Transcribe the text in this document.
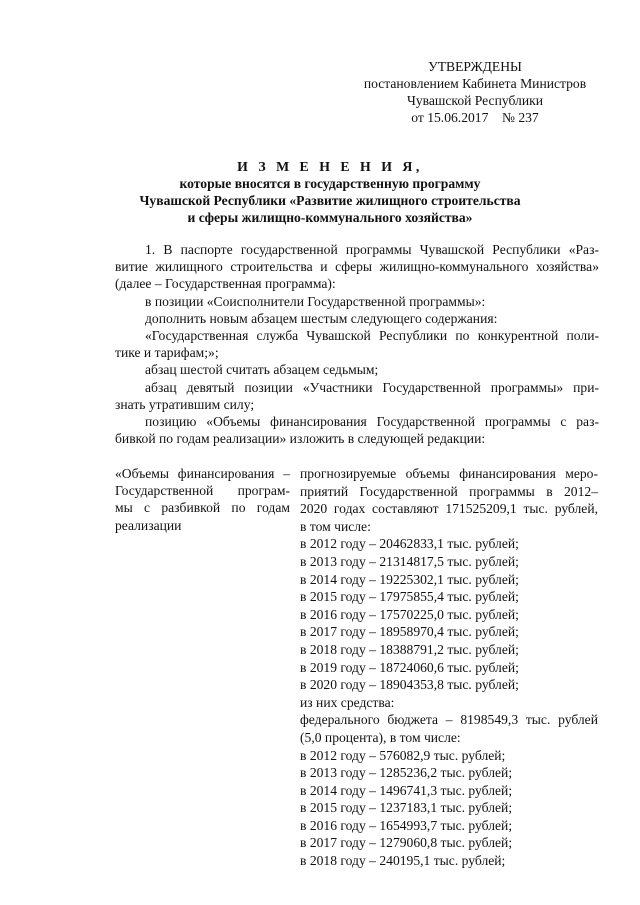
УТВЕРЖДЕНЫ
постановлением Кабинета Министров
Чувашской Республики
от 15.06.2017    № 237
И З М Е Н Е Н И Я,
которые вносятся в государственную программу
Чувашской Республики «Развитие жилищного строительства
и сферы жилищно-коммунального хозяйства»
1. В паспорте государственной программы Чувашской Республики «Раз-
витие жилищного строительства и сферы жилищно-коммунального хозяйства»
(далее – Государственная программа):
в позиции «Соисполнители Государственной программы»:
дополнить новым абзацем шестым следующего содержания:
«Государственная служба Чувашской Республики по конкурентной поли-
тике и тарифам;»;
абзац шестой считать абзацем седьмым;
абзац девятый позиции «Участники Государственной программы» при-
знать утратившим силу;
позицию «Объемы финансирования Государственной программы с раз-
бивкой по годам реализации» изложить в следующей редакции:
«Объемы финансирования –
Государственной програм-
мы с разбивкой по годам
реализации
прогнозируемые объемы финансирования меро-
приятий Государственной программы в 2012–
2020 годах составляют 171525209,1 тыс. рублей,
в том числе:
в 2012 году – 20462833,1 тыс. рублей;
в 2013 году – 21314817,5 тыс. рублей;
в 2014 году – 19225302,1 тыс. рублей;
в 2015 году – 17975855,4 тыс. рублей;
в 2016 году – 17570225,0 тыс. рублей;
в 2017 году – 18958970,4 тыс. рублей;
в 2018 году – 18388791,2 тыс. рублей;
в 2019 году – 18724060,6 тыс. рублей;
в 2020 году – 18904353,8 тыс. рублей;
из них средства:
федерального бюджета – 8198549,3 тыс. рублей
(5,0 процента), в том числе:
в 2012 году – 576082,9 тыс. рублей;
в 2013 году – 1285236,2 тыс. рублей;
в 2014 году – 1496741,3 тыс. рублей;
в 2015 году – 1237183,1 тыс. рублей;
в 2016 году – 1654993,7 тыс. рублей;
в 2017 году – 1279060,8 тыс. рублей;
в 2018 году – 240195,1 тыс. рублей;
